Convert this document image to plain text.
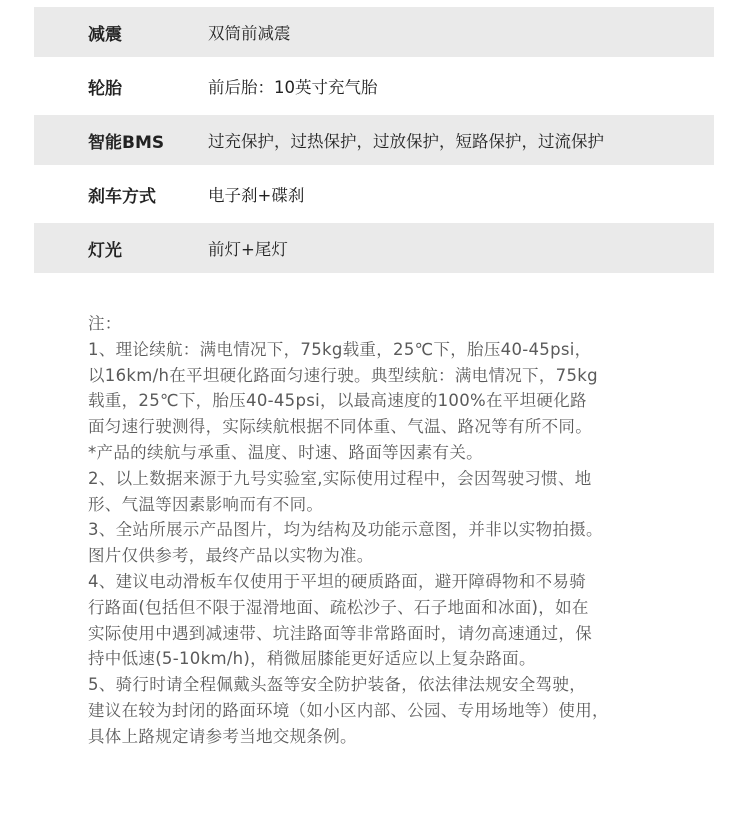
减震	双筒前减震
轮胎	前后胎：10英寸充气胎
智能BMS	过充保护，过热保护，过放保护，短路保护，过流保护
刹车方式	电子刹+碟刹
灯光	前灯+尾灯
注：
1、理论续航：满电情况下，75kg载重，25℃下，胎压40-45psi，
以16km/h在平坦硬化路面匀速行驶。典型续航：满电情况下，75kg
载重，25℃下，胎压40-45psi，以最高速度的100%在平坦硬化路
面匀速行驶测得，实际续航根据不同体重、气温、路况等有所不同。
*产品的续航与承重、温度、时速、路面等因素有关。
2、以上数据来源于九号实验室,实际使用过程中，会因驾驶习惯、地
形、气温等因素影响而有不同。
3、全站所展示产品图片，均为结构及功能示意图，并非以实物拍摄。
图片仅供参考，最终产品以实物为准。
4、建议电动滑板车仅使用于平坦的硬质路面，避开障碍物和不易骑
行路面(包括但不限于湿滑地面、疏松沙子、石子地面和冰面)，如在
实际使用中遇到减速带、坑洼路面等非常路面时，请勿高速通过，保
持中低速(5-10km/h)，稍微屈膝能更好适应以上复杂路面。
5、骑行时请全程佩戴头盔等安全防护装备，依法律法规安全驾驶，
建议在较为封闭的路面环境（如小区内部、公园、专用场地等）使用，
具体上路规定请参考当地交规条例。
